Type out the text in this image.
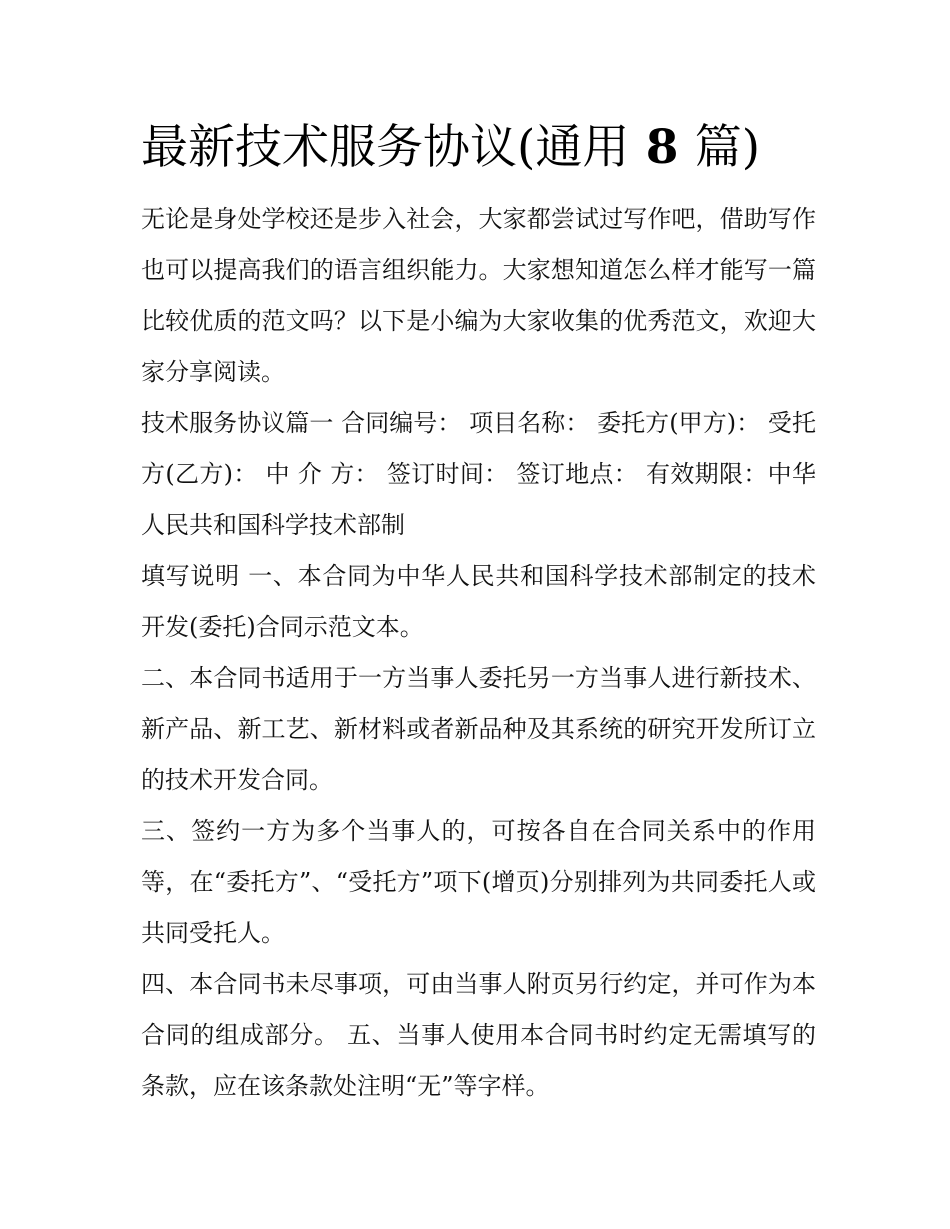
最新技术服务协议(通用 8 篇)

无论是身处学校还是步入社会，大家都尝试过写作吧，借助写作也可以提高我们的语言组织能力。大家想知道怎么样才能写一篇比较优质的范文吗？以下是小编为大家收集的优秀范文，欢迎大家分享阅读。

技术服务协议篇一 合同编号： 项目名称： 委托方(甲方)： 受托方(乙方)： 中 介 方： 签订时间： 签订地点： 有效期限：中华人民共和国科学技术部制

填写说明 一、本合同为中华人民共和国科学技术部制定的技术开发(委托)合同示范文本。

二、本合同书适用于一方当事人委托另一方当事人进行新技术、新产品、新工艺、新材料或者新品种及其系统的研究开发所订立的技术开发合同。

三、签约一方为多个当事人的，可按各自在合同关系中的作用等，在“委托方”、“受托方”项下(增页)分别排列为共同委托人或共同受托人。

四、本合同书未尽事项，可由当事人附页另行约定，并可作为本合同的组成部分。 五、当事人使用本合同书时约定无需填写的条款，应在该条款处注明“无”等字样。
